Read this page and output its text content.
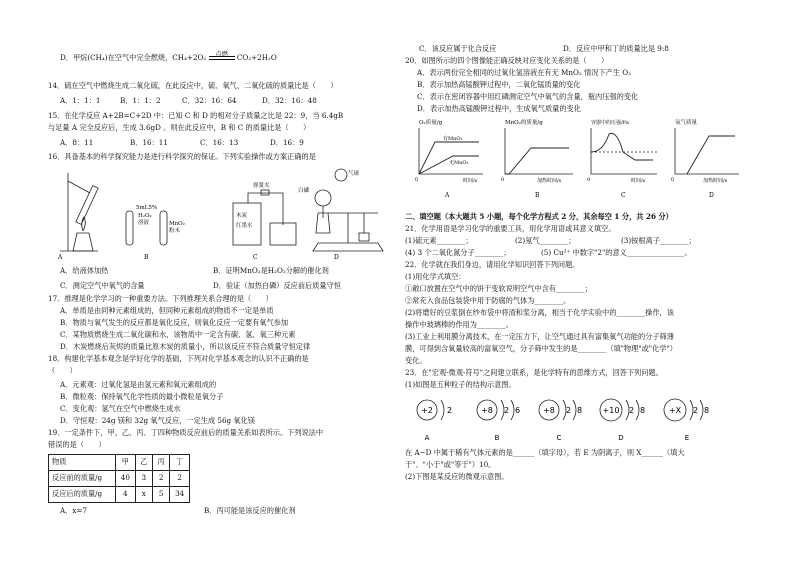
D．甲烷(CH₄)在空气中完全燃烧，CH₄+2O₂	点燃	CO₂+2H₂O
14．硫在空气中燃烧生成二氧化硫，在此反应中，硫、氧气、二氧化硫的质量比是（　　）
A．1：1：1	B．1：1：2	C．32：16：64	D．32：16：48
15．在化学反应 A+2B=C+2D 中：已知 C 和 D 的相对分子质量之比是 22：9，当 6.4gB
与足量 A 完全反应后，生成 3.6gD 。则在此反应中，B 和 C 的质量比是（　　）
A．8：11	B．16：11	C．16：13	D．16：9
16．具备基本的科学探究能力是进行科学探究的保证。下列实验操作或方案正确的是
A
5mL5%
H₂O₂
溶液	MnO₂
粉末
B
弹簧夹
木炭
红墨水
C
气球
白磷
D
A．给液体加热	B．证明MnO₂是H₂O₂分解的催化剂
C．测定空气中氧气的含量	D．验证（加热白磷）反应前后质量守恒
17．推理是化学学习的一种重要方法。下列推理关系合理的是（　　）
A．单质是由同种元素组成的，但同种元素组成的物质不一定是单质
B．物质与氧气发生的反应都是氧化反应，则氧化反应一定要有氧气参加
C．某物质燃烧生成二氧化碳和水，该物质中一定含有碳、氢、氧三种元素
D．木炭燃烧后灰烬的质量比原木炭的质量小，所以该反应不符合质量守恒定律
18．构建化学基本观念是学好化学的基础，下列对化学基本观念的认识不正确的是
（　　）
A．元素观：过氧化氢是由氢元素和氧元素组成的
B．微粒观：保持氧气化学性质的最小微粒是氧分子
C．变化观：氢气在空气中燃烧生成水
D．守恒观：24g 镁和 32g 氧气反应，一定生成 56g 氧化镁
19．一定条件下，甲、乙、丙、丁四种物质反应前后的质量关系如表所示。下列说法中
错误的是（　　）
物质	甲	乙	丙	丁
反应前的质量/g	40	3	2	2
反应后的质量/g	4	x	5	34
A．x=7	B．丙可能是该反应的催化剂
C．该反应属于化合反应	D．反应中甲和丁的质量比是 9:8
20．如图所示的四个图像能正确反映对应变化关系的是（　　）
A．表示两份完全相同的过氧化氢溶液在有无 MnO₂ 情况下产生 O₂
B．表示加热高锰酸钾过程中，二氧化锰质量的变化
C．表示在密闭容器中用红磷测定空气中氧气的含量，瓶内压强的变化
D．表示加热高锰酸钾过程中，生成氧气质量的变化
O₂质量/g
有MnO₂
无MnO₂
时间/s
0
A
MnO₂的质量/g
加热时间/s
0
B
容器中的压强/Pa
时间/s
0
C
氧气质量
加热时间/s
0
D
二、填空题（本大题共 5 小题，每个化学方程式 2 分，其余每空 1 分，共 26 分）
21．化学用语是学习化学的重要工具，用化学用语或其意义填空。
(1)硫元素________；	(2)氖气________；	(3)铵根离子________；
(4) 3 个二氧化氮分子________；	(5) Cu²⁺ 中数字"2"的意义________________。
22．化学就在我们身边，请用化学知识回答下列问题。
(1)用化学式填空：
①敞口放置在空气中的饼干变软说明空气中含有________；
②常充入食品包装袋中用于防腐的气体为________。
(2)将磨好的豆浆倒在纱布袋中将渣和浆分离，相当于化学实验中的________操作，该
操作中玻璃棒的作用为________。
(3)工业上利用膜分离技术，在一定压力下，让空气通过具有富集氧气功能的分子筛薄
膜，可得到含氧量较高的富氧空气，分子筛中发生的是________（填"物理"或"化学"）
变化。
23．在"宏观-微观-符号"之间建立联系，是化学特有的思维方式，回答下列问题。
(1)如图是五种粒子的结构示意图。
+2 2
A
+8 2 6
B
+8 2 8
C
+10 2 8
D
+X 2 8
E
在 A~D 中属于稀有气体元素的是______（填字母），若 E 为阴离子，则 X______（填大
于"、"小于"或"等于"）10。
(2)下图是某反应的微观示意图。
